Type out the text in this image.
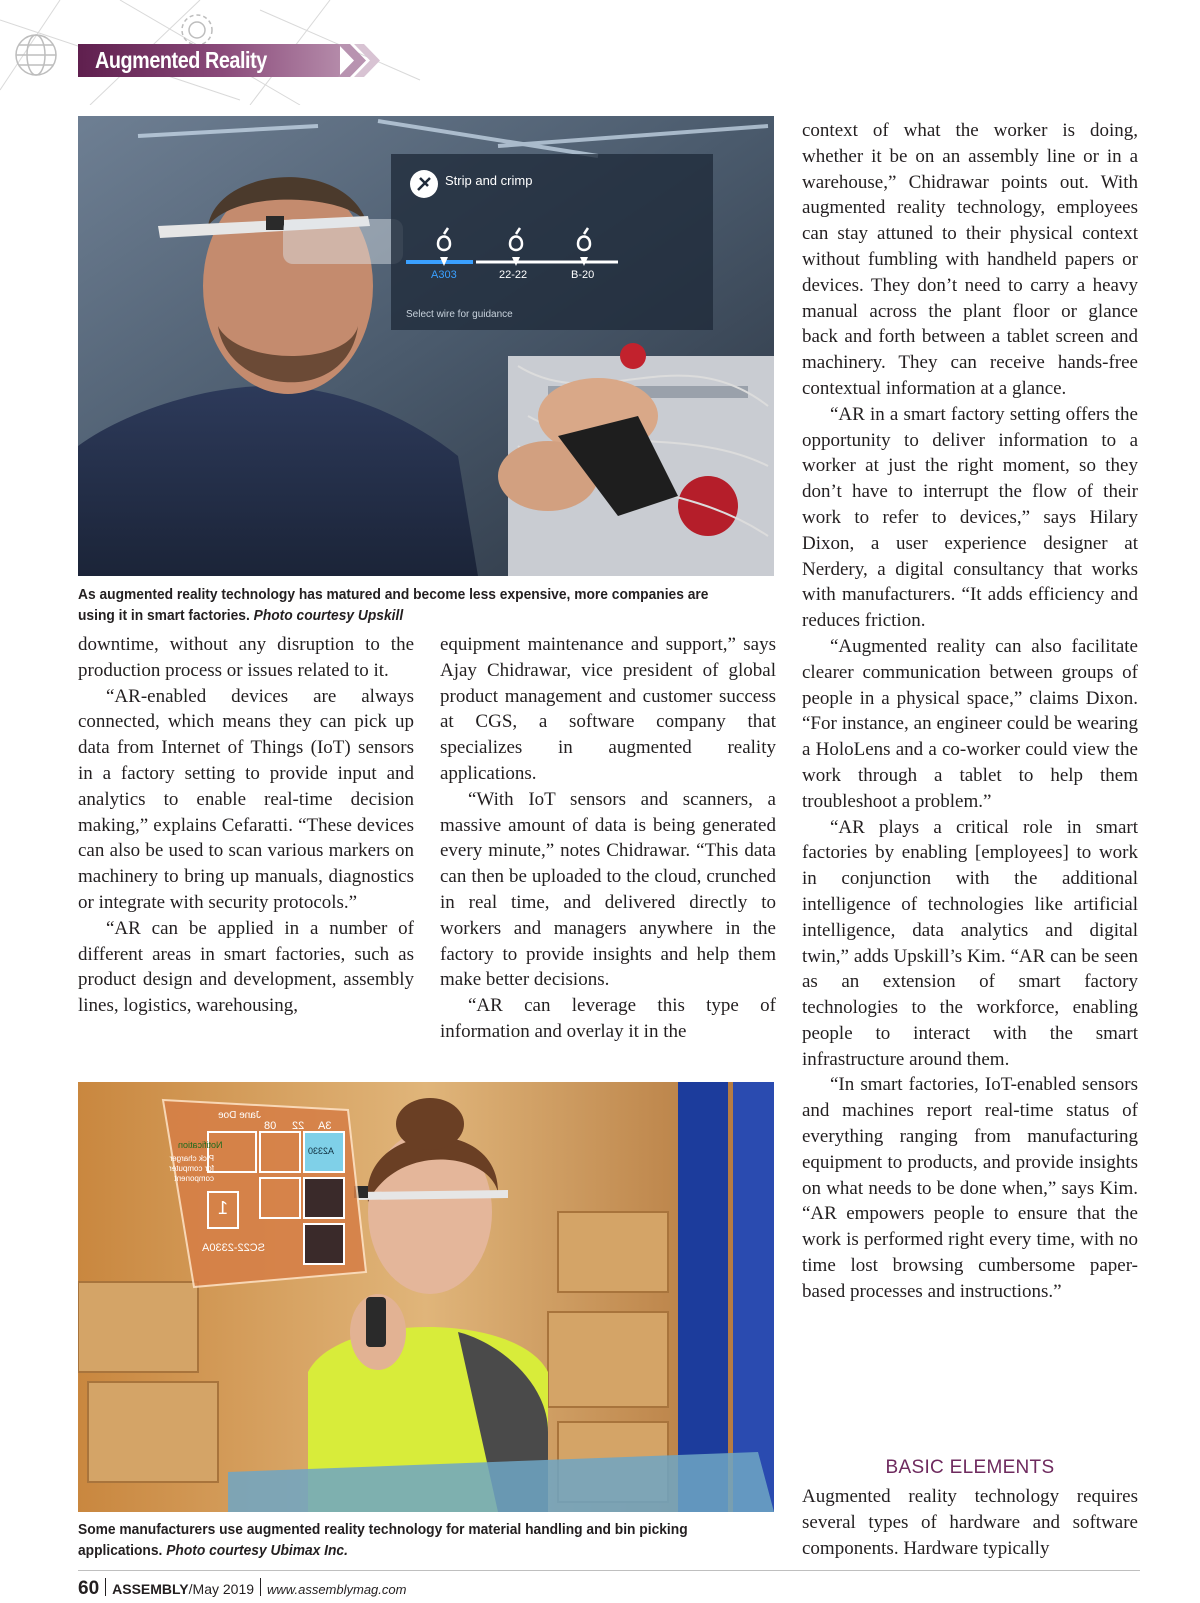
Augmented Reality
Strip and crimp
A303	22-22	B-20
Select wire for guidance
As augmented reality technology has matured and become less expensive, more companies are using it in smart factories. Photo courtesy Upskill

downtime, without any disruption to the production process or issues related to it.

“AR-enabled devices are always connected, which means they can pick up data from Internet of Things (IoT) sensors in a factory setting to provide input and analytics to enable real-time decision making,” explains Cefaratti. “These devices can also be used to scan various markers on machinery to bring up manuals, diagnostics or integrate with security protocols.”

“AR can be applied in a number of different areas in smart factories, such as product design and development, assembly lines, logistics, warehousing,

equipment maintenance and support,” says Ajay Chidrawar, vice president of global product management and customer success at CGS, a software company that specializes in augmented reality applications.

“With IoT sensors and scanners, a massive amount of data is being generated every minute,” notes Chidrawar. “This data can then be uploaded to the cloud, crunched in real time, and delivered directly to workers and managers anywhere in the factory to provide insights and help them make better decisions.

“AR can leverage this type of information and overlay it in the

context of what the worker is doing, whether it be on an assembly line or in a warehouse,” Chidrawar points out. With augmented reality technology, employees can stay attuned to their physical context without fumbling with handheld papers or devices. They don’t need to carry a heavy manual across the plant floor or glance back and forth between a tablet screen and machinery. They can receive hands-free contextual information at a glance.

“AR in a smart factory setting offers the opportunity to deliver information to a worker at just the right moment, so they don’t have to interrupt the flow of their work to refer to devices,” says Hilary Dixon, a user experience designer at Nerdery, a digital consultancy that works with manufacturers. “It adds efficiency and reduces friction.

“Augmented reality can also facilitate clearer communication between groups of people in a physical space,” claims Dixon. “For instance, an engineer could be wearing a HoloLens and a co-worker could view the work through a tablet to help them troubleshoot a problem.”

“AR plays a critical role in smart factories by enabling [employees] to work in conjunction with the additional intelligence of technologies like artificial intelligence, data analytics and digital twin,” adds Upskill’s Kim. “AR can be seen as an extension of smart factory technologies to the workforce, enabling people to interact with the smart infrastructure around them.

“In smart factories, IoT-enabled sensors and machines report real-time status of everything ranging from manufacturing equipment to products, and provide insights on what needs to be done when,” says Kim. “AR empowers people to ensure that the work is performed right every time, with no time lost browsing cumbersome paper-based processes and instructions.”

BASIC ELEMENTS

Augmented reality technology requires several types of hardware and software components. Hardware typically

Jane Doe
08 22 3A
Notification
Pick charger for computer component
A2330
1
SC22-2330A
Some manufacturers use augmented reality technology for material handling and bin picking applications. Photo courtesy Ubimax Inc.
60 ASSEMBLY/May 2019 www.assemblymag.com
